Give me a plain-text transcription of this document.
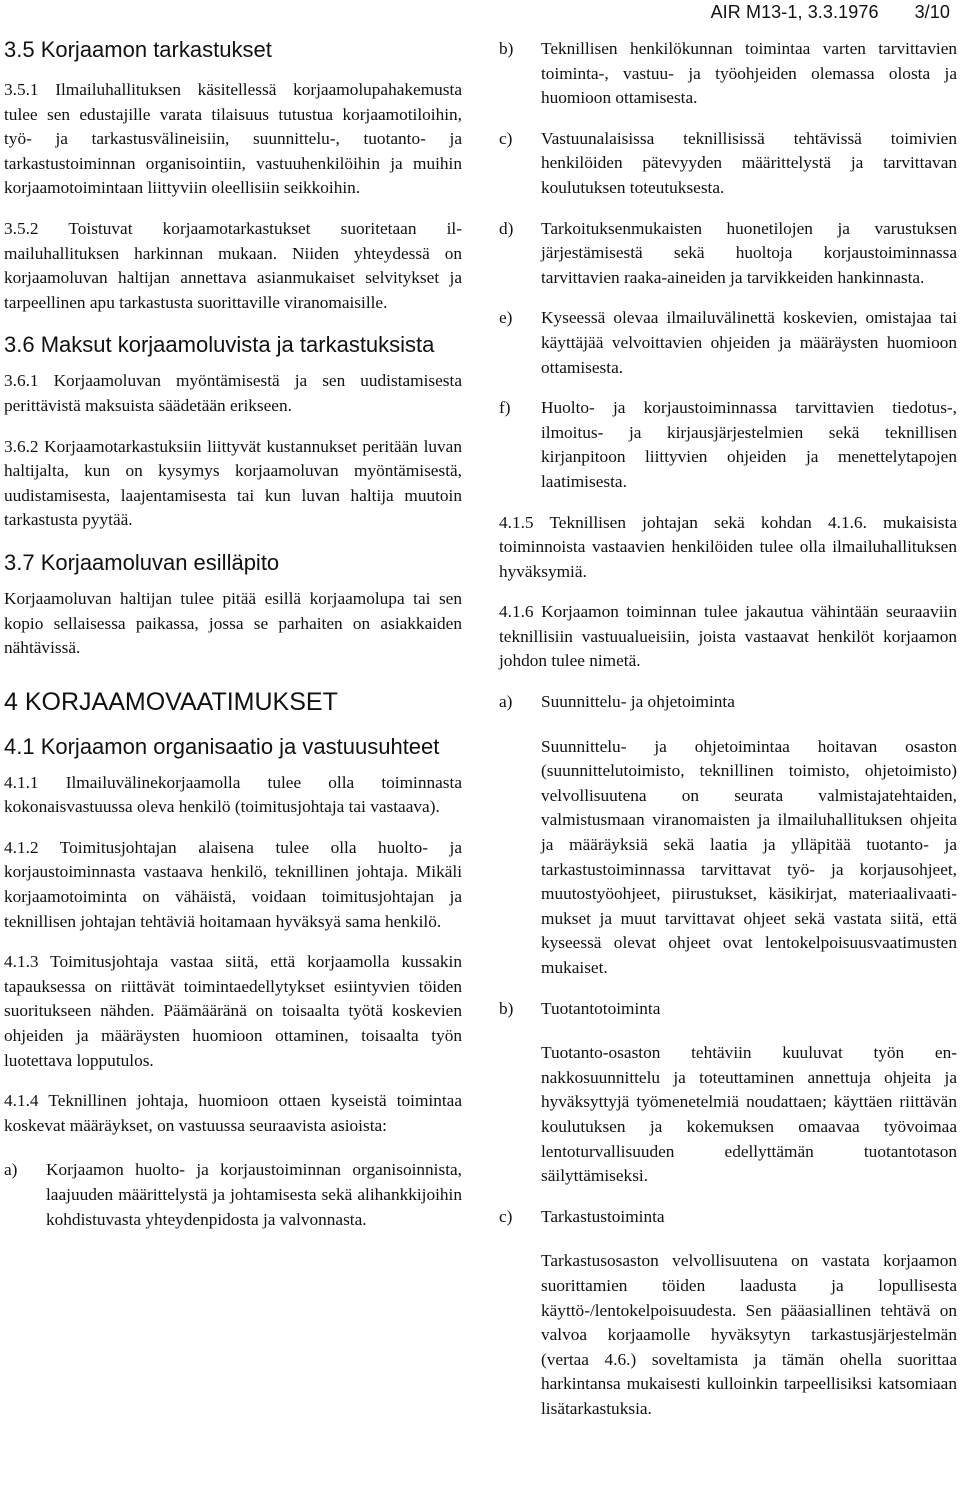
AIR M13-1, 3.3.1976 3/10
3.5 Korjaamon tarkastukset

3.5.1 Ilmailuhallituksen käsitellessä korjaamolupahakemusta tulee sen edustajille varata tilaisuus tutustua korjaamotiloihin, työ- ja tarkastusvälineisiin, suunnittelu-, tuotanto- ja tarkastustoiminnan organisointiin, vastuuhenkilöihin ja muihin korjaamotoimintaan liittyviin oleellisiin seikkoihin.

3.5.2 Toistuvat korjaamotarkastukset suoritetaan ilmailuhallituksen harkinnan mukaan. Niiden yhteydessä on korjaamoluvan haltijan annettava asianmukaiset selvitykset ja tarpeellinen apu tarkastusta suorittaville viranomaisille.

3.6 Maksut korjaamoluvista ja tarkastuksista

3.6.1 Korjaamoluvan myöntämisestä ja sen uudistamisesta perittävistä maksuista säädetään erikseen.

3.6.2 Korjaamotarkastuksiin liittyvät kustannukset peritään luvan haltijalta, kun on kysymys korjaamoluvan myöntämisestä, uudistamisesta, laajentamisesta tai kun luvan haltija muutoin tarkastusta pyytää.

3.7 Korjaamoluvan esilläpito

Korjaamoluvan haltijan tulee pitää esillä korjaamolupa tai sen kopio sellaisessa paikassa, jossa se parhaiten on asiakkaiden nähtävissä.

4 KORJAAMOVAATIMUKSET
4.1 Korjaamon organisaatio ja vastuusuhteet

4.1.1 Ilmailuvälinekorjaamolla tulee olla toiminnasta kokonaisvastuussa oleva henkilö (toimitusjohtaja tai vastaava).

4.1.2 Toimitusjohtajan alaisena tulee olla huolto- ja korjaustoiminnasta vastaava henkilö, teknillinen johtaja. Mikäli korjaamotoiminta on vähäistä, voidaan toimitusjohtajan ja teknillisen johtajan tehtäviä hoitamaan hyväksyä sama henkilö.

4.1.3 Toimitusjohtaja vastaa siitä, että korjaamolla kussakin tapauksessa on riittävät toimintaedellytykset esiintyvien töiden suoritukseen nähden. Päämääränä on toisaalta työtä koskevien ohjeiden ja määräysten huomioon ottaminen, toisaalta työn luotettava lopputulos.

4.1.4 Teknillinen johtaja, huomioon ottaen kyseistä toimintaa koskevat määräykset, on vastuussa seuraavista asioista:

a)	Korjaamon huolto- ja korjaustoiminnan organisoinnista, laajuuden määrittelystä ja johtamisesta sekä alihankkijoihin kohdistuvasta yhteydenpidosta ja valvonnasta.

b)	Teknillisen henkilökunnan toimintaa varten tarvittavien toiminta-, vastuu- ja työohjeiden olemassa olosta ja huomioon ottamisesta.

c)	Vastuunalaisissa teknillisissä tehtävissä toimivien henkilöiden pätevyyden määrittelystä ja tarvittavan koulutuksen toteutuksesta.

d)	Tarkoituksenmukaisten huonetilojen ja varustuksen järjestämisestä sekä huoltoja korjaustoiminnassa tarvittavien raaka-aineiden ja tarvikkeiden hankinnasta.

e)	Kyseessä olevaa ilmailuvälinettä koskevien, omistajaa tai käyttäjää velvoittavien ohjeiden ja määräysten huomioon ottamisesta.

f)	Huolto- ja korjaustoiminnassa tarvittavien tiedotus-, ilmoitus- ja kirjausjärjestelmien sekä teknillisen kirjanpitoon liittyvien ohjeiden ja menettelytapojen laatimisesta.

4.1.5 Teknillisen johtajan sekä kohdan 4.1.6. mukaisista toiminnoista vastaavien henkilöiden tulee olla ilmailuhallituksen hyväksymiä.

4.1.6 Korjaamon toiminnan tulee jakautua vähintään seuraaviin teknillisiin vastuualueisiin, joista vastaavat henkilöt korjaamon johdon tulee nimetä.

a)	Suunnittelu- ja ohjetoiminta

Suunnittelu- ja ohjetoimintaa hoitavan osaston (suunnittelutoimisto, teknillinen toimisto, ohjetoimisto) velvollisuutena on seurata valmistajatehtaiden, valmistusmaan viranomaisten ja ilmailuhallituksen ohjeita ja määräyksiä sekä laatia ja ylläpitää tuotanto- ja tarkastustoiminnassa tarvittavat työ- ja korjausohjeet, muutostyöohjeet, piirustukset, käsikirjat, materiaalivaatimukset ja muut tarvittavat ohjeet sekä vastata siitä, että kyseessä olevat ohjeet ovat lentokelpoisuusvaatimusten mukaiset.

b)	Tuotantotoiminta

Tuotanto-osaston tehtäviin kuuluvat työn ennakkosuunnittelu ja toteuttaminen annettuja ohjeita ja hyväksyttyjä työmenetelmiä noudattaen; käyttäen riittävän koulutuksen ja kokemuksen omaavaa työvoimaa lentoturvallisuuden edellyttämän tuotantotason säilyttämiseksi.

c)	Tarkastustoiminta

Tarkastusosaston velvollisuutena on vastata korjaamon suorittamien töiden laadusta ja lopullisesta käyttö-/lentokelpoisuudesta. Sen pääasiallinen tehtävä on valvoa korjaamolle hyväksytyn tarkastusjärjestelmän (vertaa 4.6.) soveltamista ja tämän ohella suorittaa harkintansa mukaisesti kulloinkin tarpeellisiksi katsomiaan lisätarkastuksia.
